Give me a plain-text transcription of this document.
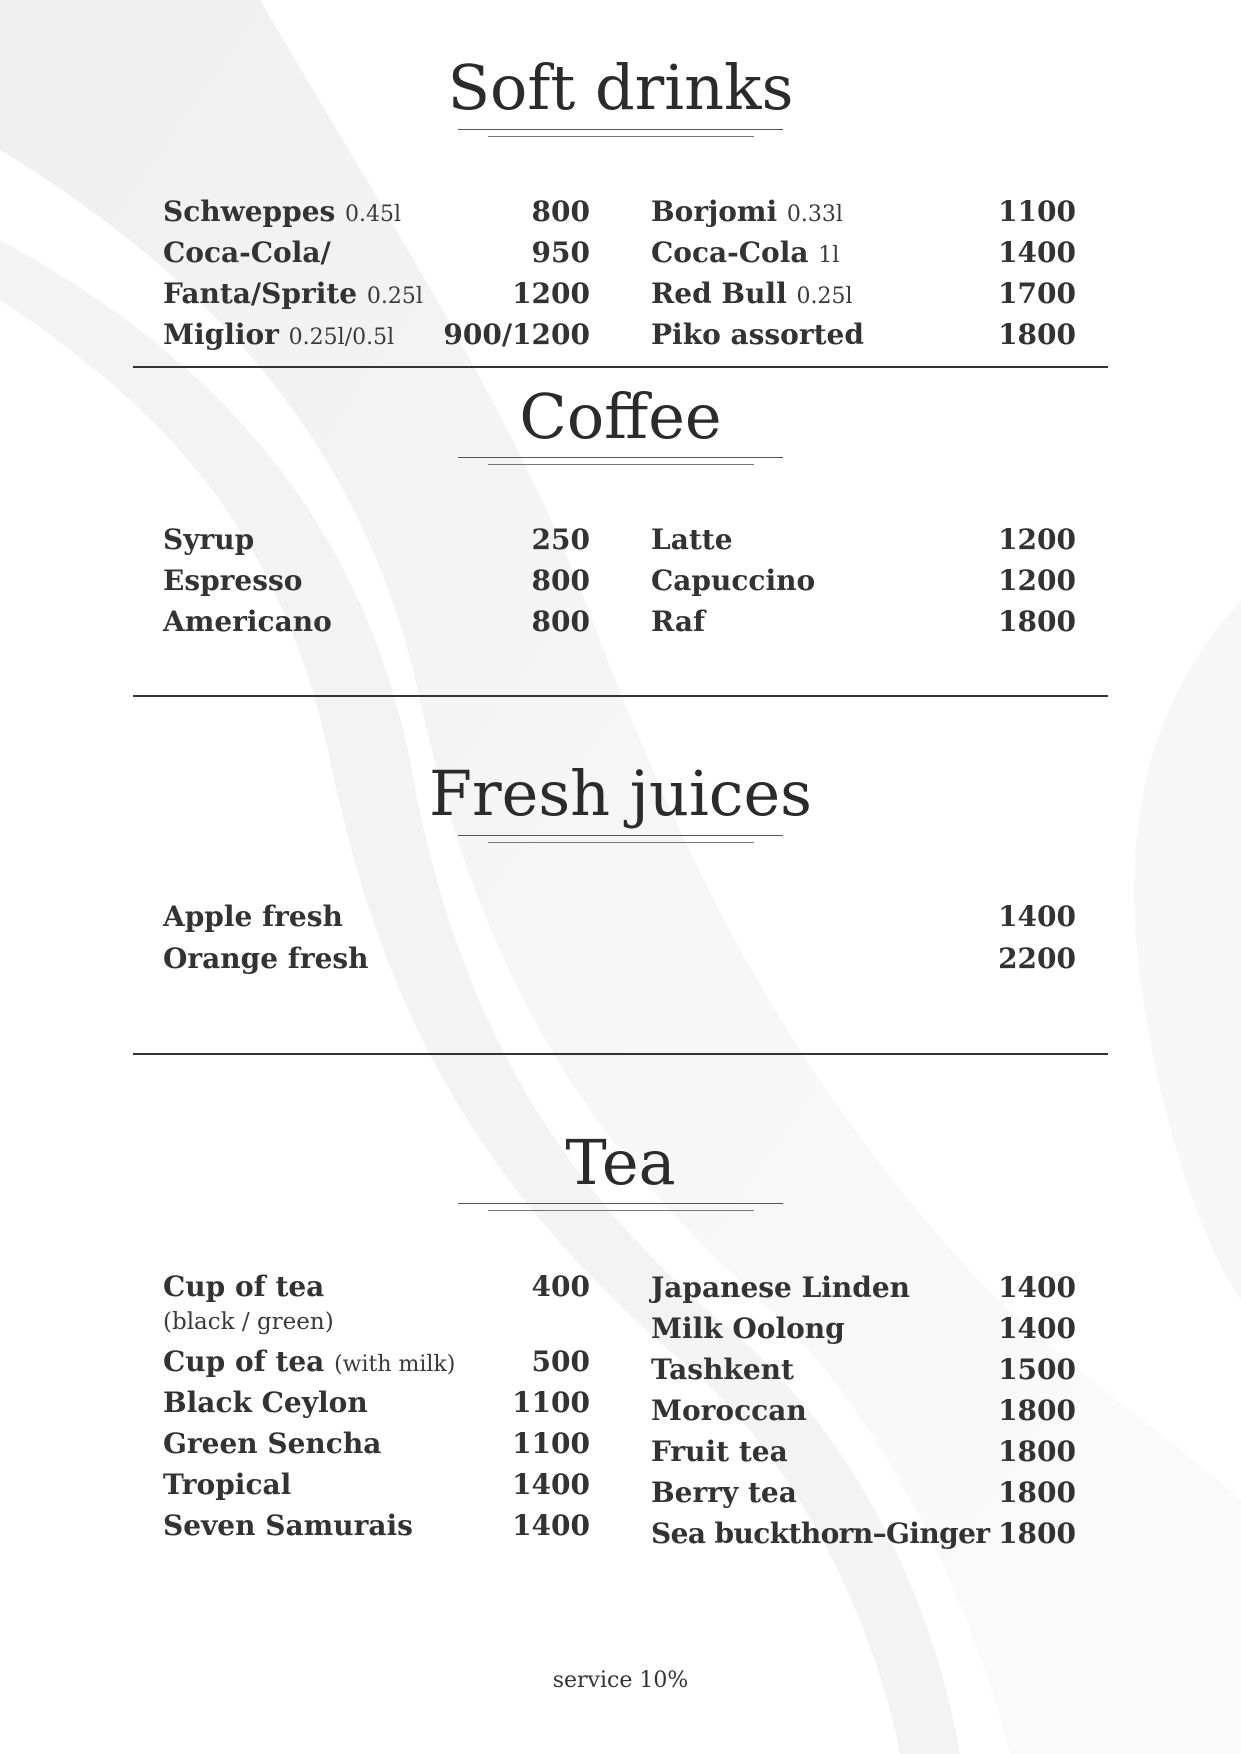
Soft drinks
Schweppes 0.45l	800
Coca-Cola/	950
Fanta/Sprite 0.25l	1200
Miglior 0.25l/0.5l 900/1200
Borjomi 0.33l	1100
Coca-Cola 1l	1400
Red Bull 0.25l	1700
Piko assorted	1800
Coffee
Syrup	250
Espresso	800
Americano	800
Latte	1200
Capuccino	1200
Raf	1800
Fresh juices
Apple fresh	1400
Orange fresh	2200
Tea
Cup of tea	400
(black / green)
Cup of tea (with milk)	500
Black Ceylon	1100
Green Sencha	1100
Tropical	1400
Seven Samurais	1400
Japanese Linden	1400
Milk Oolong	1400
Tashkent	1500
Moroccan	1800
Fruit tea	1800
Berry tea	1800
Sea buckthorn–Ginger 1800
service 10%
